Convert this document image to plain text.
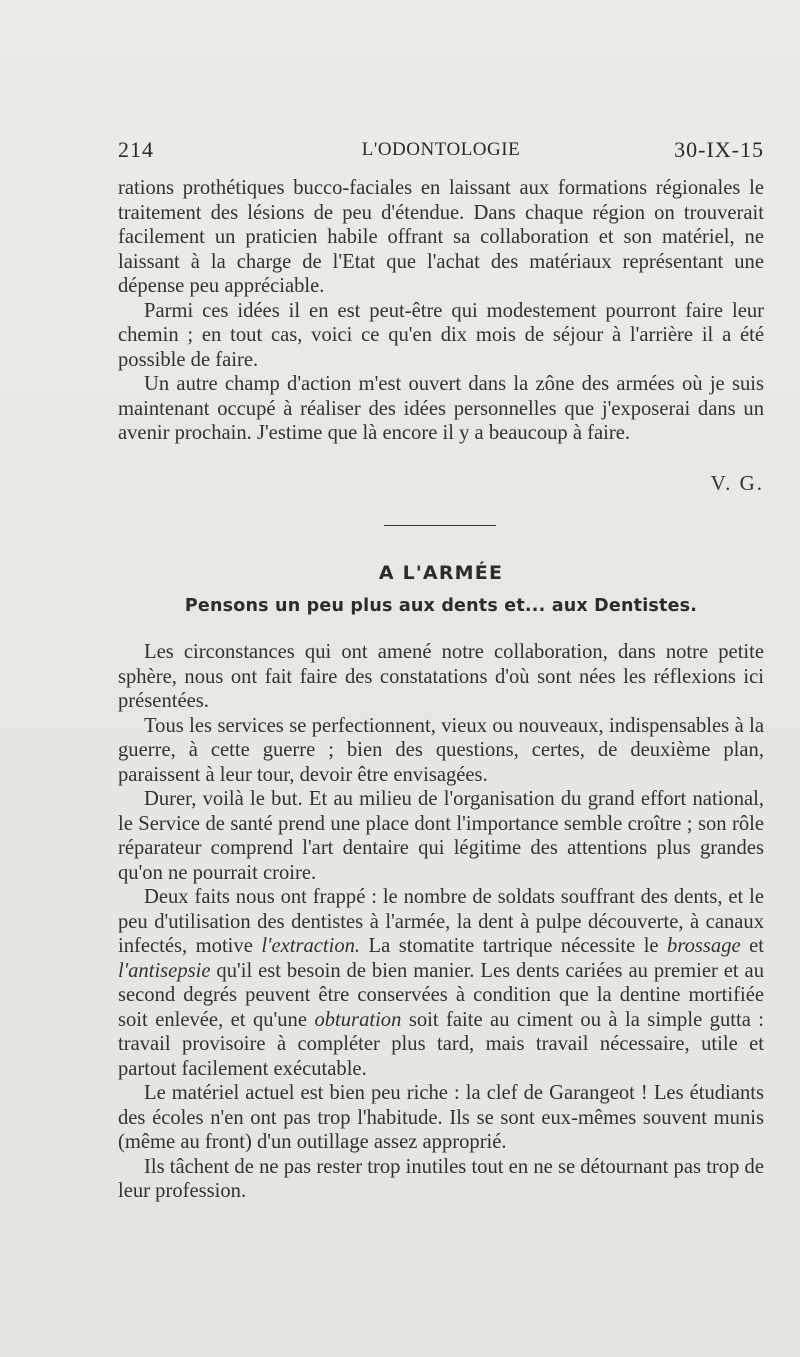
214	L'ODONTOLOGIE	30-IX-15

rations prothétiques bucco-faciales en laissant aux formations régionales le traitement des lésions de peu d'étendue. Dans chaque région on trouverait facilement un praticien habile offrant sa collaboration et son matériel, ne laissant à la charge de l'Etat que l'achat des matériaux représentant une dépense peu appréciable.

Parmi ces idées il en est peut-être qui modestement pourront faire leur chemin ; en tout cas, voici ce qu'en dix mois de séjour à l'arrière il a été possible de faire.

Un autre champ d'action m'est ouvert dans la zône des armées où je suis maintenant occupé à réaliser des idées personnelles que j'exposerai dans un avenir prochain. J'estime que là encore il y a beaucoup à faire.

V. G.
A L'ARMÉE
Pensons un peu plus aux dents et... aux Dentistes.

Les circonstances qui ont amené notre collaboration, dans notre petite sphère, nous ont fait faire des constatations d'où sont nées les réflexions ici présentées.

Tous les services se perfectionnent, vieux ou nouveaux, indispensables à la guerre, à cette guerre ; bien des questions, certes, de deuxième plan, paraissent à leur tour, devoir être envisagées.

Durer, voilà le but. Et au milieu de l'organisation du grand effort national, le Service de santé prend une place dont l'importance semble croître ; son rôle réparateur comprend l'art dentaire qui légitime des attentions plus grandes qu'on ne pourrait croire.

Deux faits nous ont frappé : le nombre de soldats souffrant des dents, et le peu d'utilisation des dentistes à l'armée, la dent à pulpe découverte, à canaux infectés, motive l'extraction. La stomatite tartrique nécessite le brossage et l'antisepsie qu'il est besoin de bien manier. Les dents cariées au premier et au second degrés peuvent être conservées à condition que la dentine mortifiée soit enlevée, et qu'une obturation soit faite au ciment ou à la simple gutta : travail provisoire à compléter plus tard, mais travail nécessaire, utile et partout facilement exécutable.

Le matériel actuel est bien peu riche : la clef de Garangeot ! Les étudiants des écoles n'en ont pas trop l'habitude. Ils se sont eux-mêmes souvent munis (même au front) d'un outillage assez approprié.

Ils tâchent de ne pas rester trop inutiles tout en ne se détournant pas trop de leur profession.
